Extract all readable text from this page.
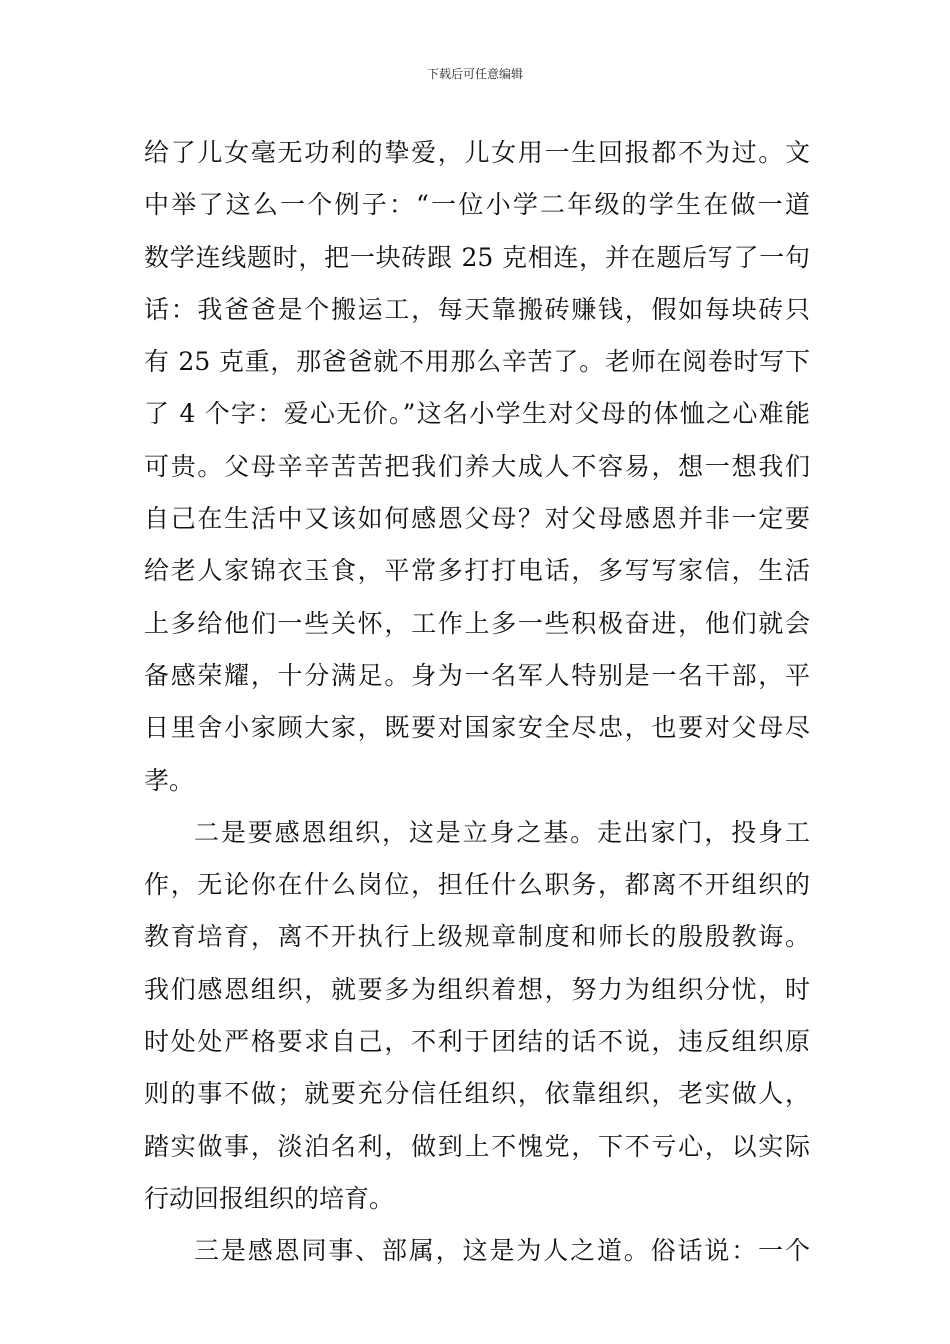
下载后可任意编辑
给了儿女毫无功利的挚爱，儿女用一生回报都不为过。文
中举了这么一个例子：“一位小学二年级的学生在做一道
数学连线题时，把一块砖跟 25 克相连，并在题后写了一句
话：我爸爸是个搬运工，每天靠搬砖赚钱，假如每块砖只
有 25 克重，那爸爸就不用那么辛苦了。老师在阅卷时写下
了 4 个字：爱心无价。”这名小学生对父母的体恤之心难能
可贵。父母辛辛苦苦把我们养大成人不容易，想一想我们
自己在生活中又该如何感恩父母？对父母感恩并非一定要
给老人家锦衣玉食，平常多打打电话，多写写家信，生活
上多给他们一些关怀，工作上多一些积极奋进，他们就会
备感荣耀，十分满足。身为一名军人特别是一名干部，平
日里舍小家顾大家，既要对国家安全尽忠，也要对父母尽
孝。
二是要感恩组织，这是立身之基。走出家门，投身工
作，无论你在什么岗位，担任什么职务，都离不开组织的
教育培育，离不开执行上级规章制度和师长的殷殷教诲。
我们感恩组织，就要多为组织着想，努力为组织分忧，时
时处处严格要求自己，不利于团结的话不说，违反组织原
则的事不做；就要充分信任组织，依靠组织，老实做人，
踏实做事，淡泊名利，做到上不愧党，下不亏心，以实际
行动回报组织的培育。
三是感恩同事、部属，这是为人之道。俗话说：一个
